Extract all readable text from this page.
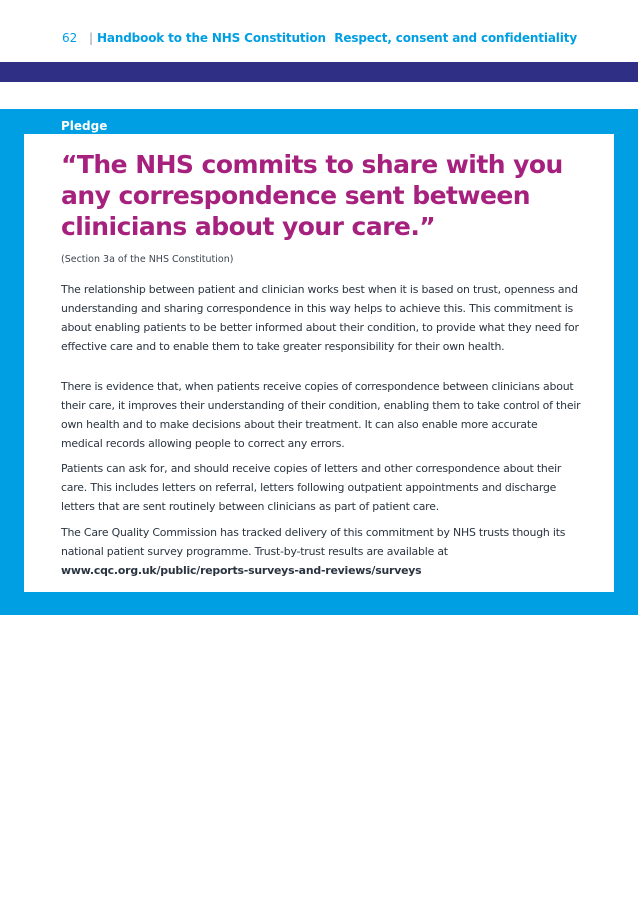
62 | Handbook to the NHS Constitution Respect, consent and confidentiality
Pledge
“The NHS commits to share with you any correspondence sent between clinicians about your care.”

(Section 3a of the NHS Constitution)

The relationship between patient and clinician works best when it is based on trust, openness and understanding and sharing correspondence in this way helps to achieve this. This commitment is about enabling patients to be better informed about their condition, to provide what they need for effective care and to enable them to take greater responsibility for their own health.

There is evidence that, when patients receive copies of correspondence between clinicians about their care, it improves their understanding of their condition, enabling them to take control of their own health and to make decisions about their treatment. It can also enable more accurate medical records allowing people to correct any errors.

Patients can ask for, and should receive copies of letters and other correspondence about their care. This includes letters on referral, letters following outpatient appointments and discharge letters that are sent routinely between clinicians as part of patient care.

The Care Quality Commission has tracked delivery of this commitment by NHS trusts though its national patient survey programme. Trust-by-trust results are available at
www.cqc.org.uk/public/reports-surveys-and-reviews/surveys
